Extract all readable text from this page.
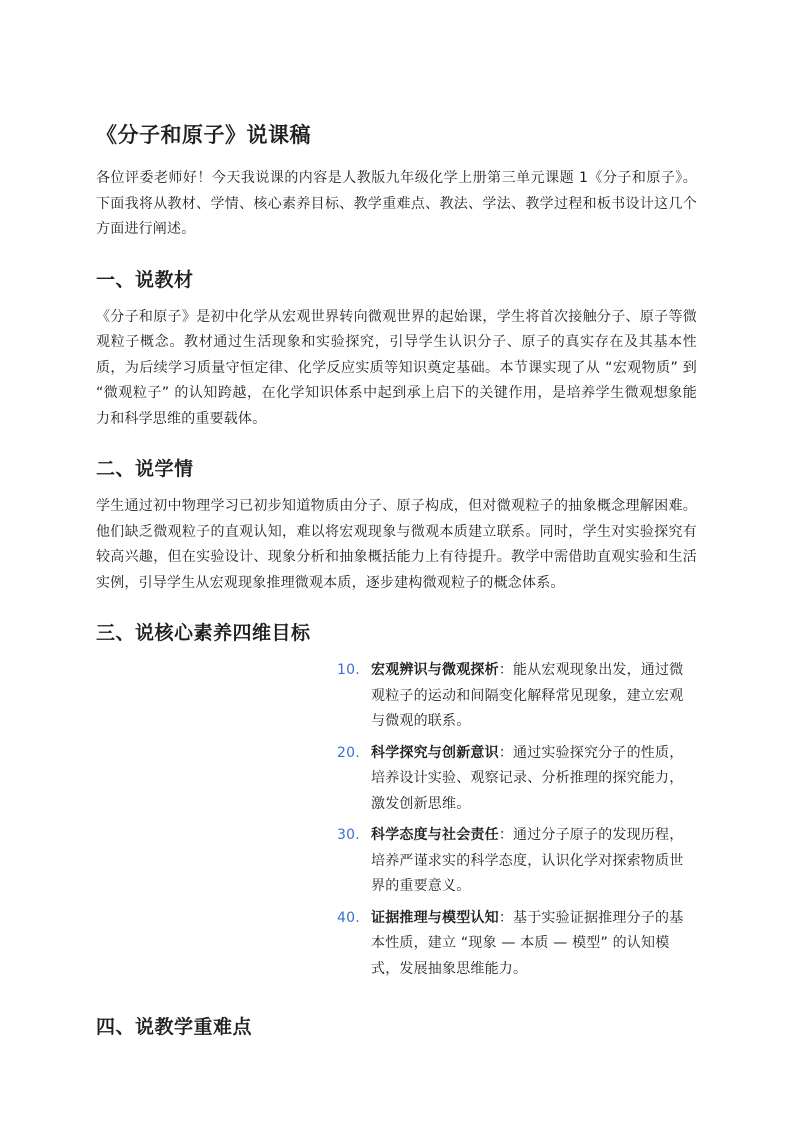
《分子和原子》说课稿

各位评委老师好！今天我说课的内容是人教版九年级化学上册第三单元课题 1《分子和原子》。下面我将从教材、学情、核心素养目标、教学重难点、教法、学法、教学过程和板书设计这几个方面进行阐述。

一、说教材

《分子和原子》是初中化学从宏观世界转向微观世界的起始课，学生将首次接触分子、原子等微观粒子概念。教材通过生活现象和实验探究，引导学生认识分子、原子的真实存在及其基本性质，为后续学习质量守恒定律、化学反应实质等知识奠定基础。本节课实现了从 “宏观物质” 到 “微观粒子” 的认知跨越，在化学知识体系中起到承上启下的关键作用，是培养学生微观想象能力和科学思维的重要载体。

二、说学情

学生通过初中物理学习已初步知道物质由分子、原子构成，但对微观粒子的抽象概念理解困难。他们缺乏微观粒子的直观认知，难以将宏观现象与微观本质建立联系。同时，学生对实验探究有较高兴趣，但在实验设计、现象分析和抽象概括能力上有待提升。教学中需借助直观实验和生活实例，引导学生从宏观现象推理微观本质，逐步建构微观粒子的概念体系。

三、说核心素养四维目标
10. 宏观辨识与微观探析：能从宏观现象出发，通过微观粒子的运动和间隔变化解释常见现象，建立宏观与微观的联系。
20. 科学探究与创新意识：通过实验探究分子的性质，培养设计实验、观察记录、分析推理的探究能力，激发创新思维。
30. 科学态度与社会责任：通过分子原子的发现历程，培养严谨求实的科学态度，认识化学对探索物质世界的重要意义。
40. 证据推理与模型认知：基于实验证据推理分子的基本性质，建立 “现象 — 本质 — 模型” 的认知模式，发展抽象思维能力。
四、说教学重难点
